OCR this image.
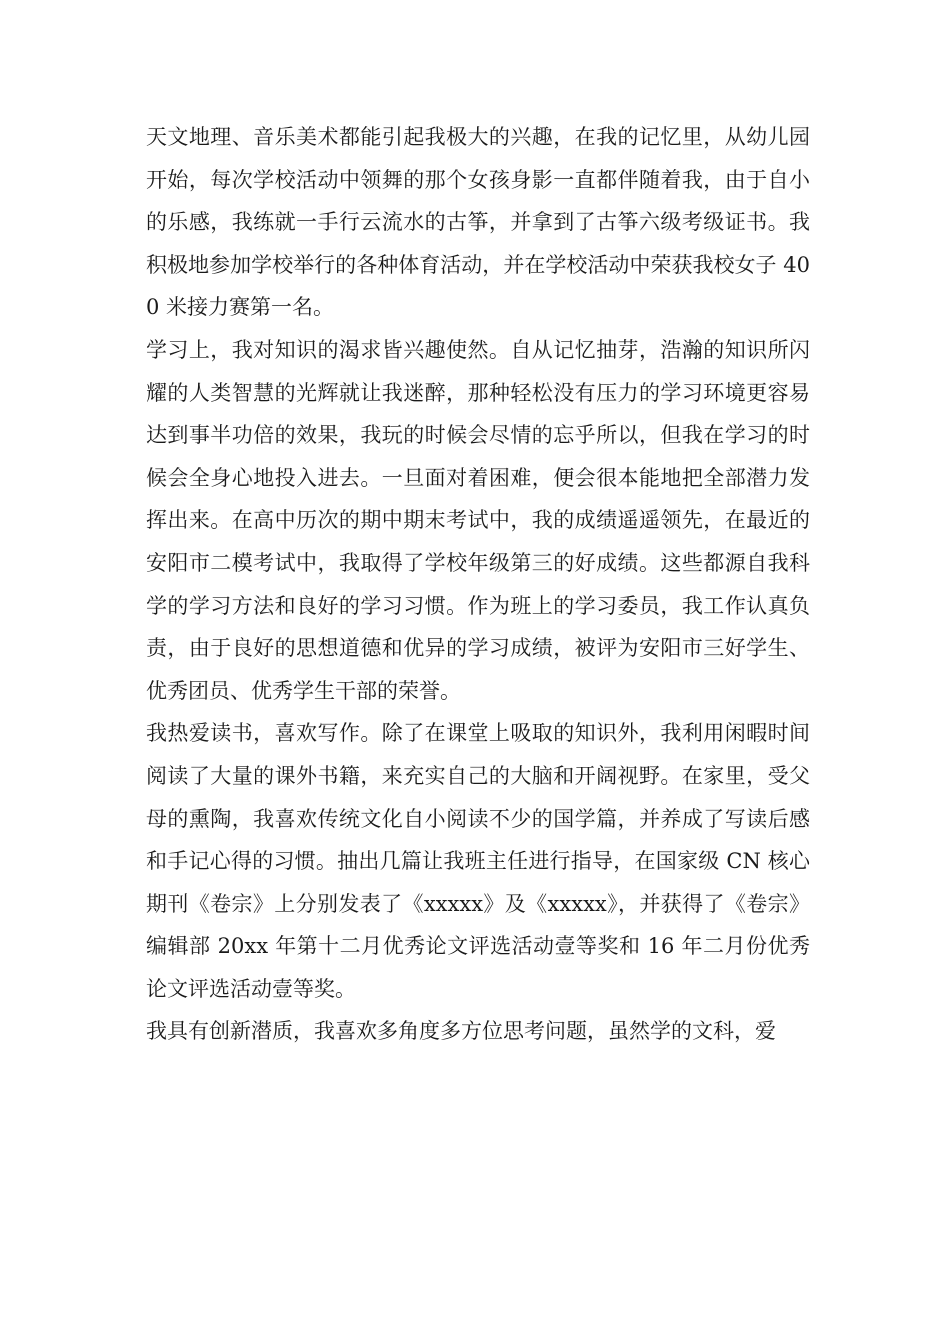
天文地理、音乐美术都能引起我极大的兴趣，在我的记忆里，从幼儿园开始，每次学校活动中领舞的那个女孩身影一直都伴随着我，由于自小的乐感，我练就一手行云流水的古筝，并拿到了古筝六级考级证书。我积极地参加学校举行的各种体育活动，并在学校活动中荣获我校女子 400 米接力赛第一名。

学习上，我对知识的渴求皆兴趣使然。自从记忆抽芽，浩瀚的知识所闪耀的人类智慧的光辉就让我迷醉，那种轻松没有压力的学习环境更容易达到事半功倍的效果，我玩的时候会尽情的忘乎所以，但我在学习的时候会全身心地投入进去。一旦面对着困难，便会很本能地把全部潜力发挥出来。在高中历次的期中期末考试中，我的成绩遥遥领先，在最近的安阳市二模考试中，我取得了学校年级第三的好成绩。这些都源自我科学的学习方法和良好的学习习惯。作为班上的学习委员，我工作认真负责，由于良好的思想道德和优异的学习成绩，被评为安阳市三好学生、优秀团员、优秀学生干部的荣誉。

我热爱读书，喜欢写作。除了在课堂上吸取的知识外，我利用闲暇时间阅读了大量的课外书籍，来充实自己的大脑和开阔视野。在家里，受父母的熏陶，我喜欢传统文化自小阅读不少的国学篇，并养成了写读后感和手记心得的习惯。抽出几篇让我班主任进行指导，在国家级 CN 核心期刊《卷宗》上分别发表了《xxxxx》及《xxxxx》，并获得了《卷宗》编辑部 20xx 年第十二月优秀论文评选活动壹等奖和 16 年二月份优秀论文评选活动壹等奖。

我具有创新潜质，我喜欢多角度多方位思考问题，虽然学的文科，爱
